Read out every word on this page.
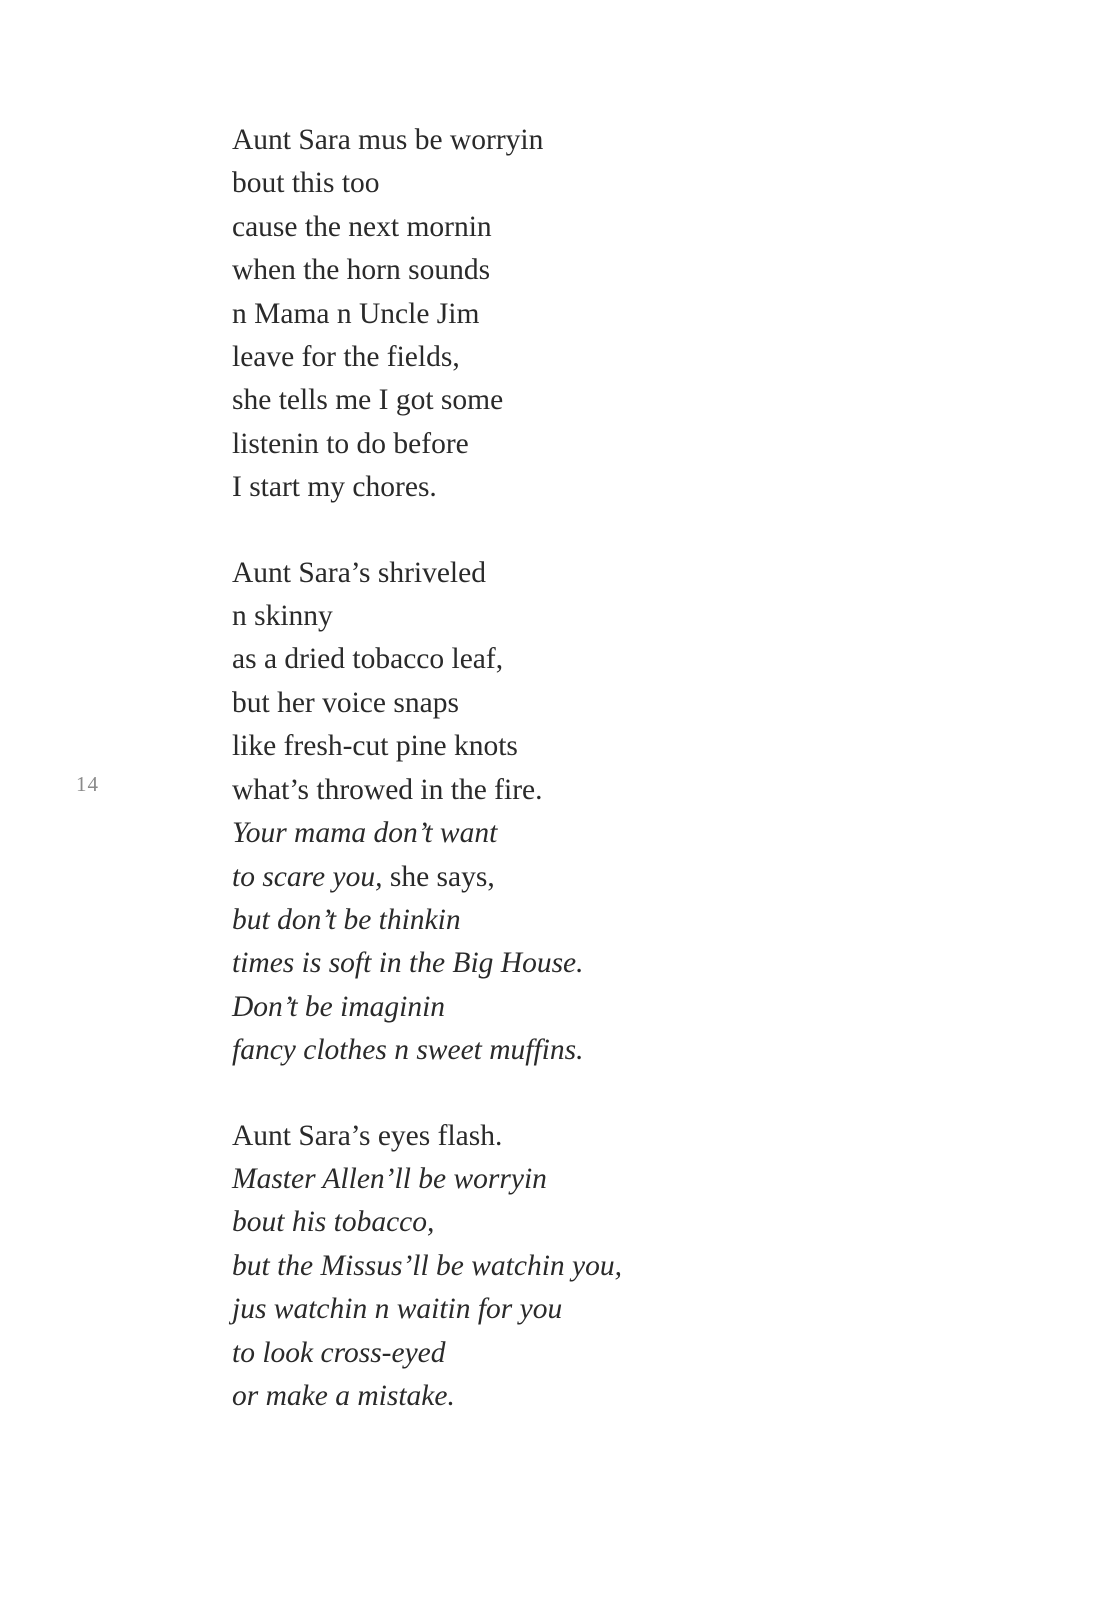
14
Aunt Sara mus be worryin
bout this too
cause the next mornin
when the horn sounds
n Mama n Uncle Jim
leave for the fields,
she tells me I got some
listenin to do before
I start my chores.
Aunt Sara’s shriveled
n skinny
as a dried tobacco leaf,
but her voice snaps
like fresh-cut pine knots
what’s throwed in the fire.
Your mama don’t want
to scare you, she says,
but don’t be thinkin
times is soft in the Big House.
Don’t be imaginin
fancy clothes n sweet muffins.
Aunt Sara’s eyes flash.
Master Allen’ll be worryin
bout his tobacco,
but the Missus’ll be watchin you,
jus watchin n waitin for you
to look cross-eyed
or make a mistake.
